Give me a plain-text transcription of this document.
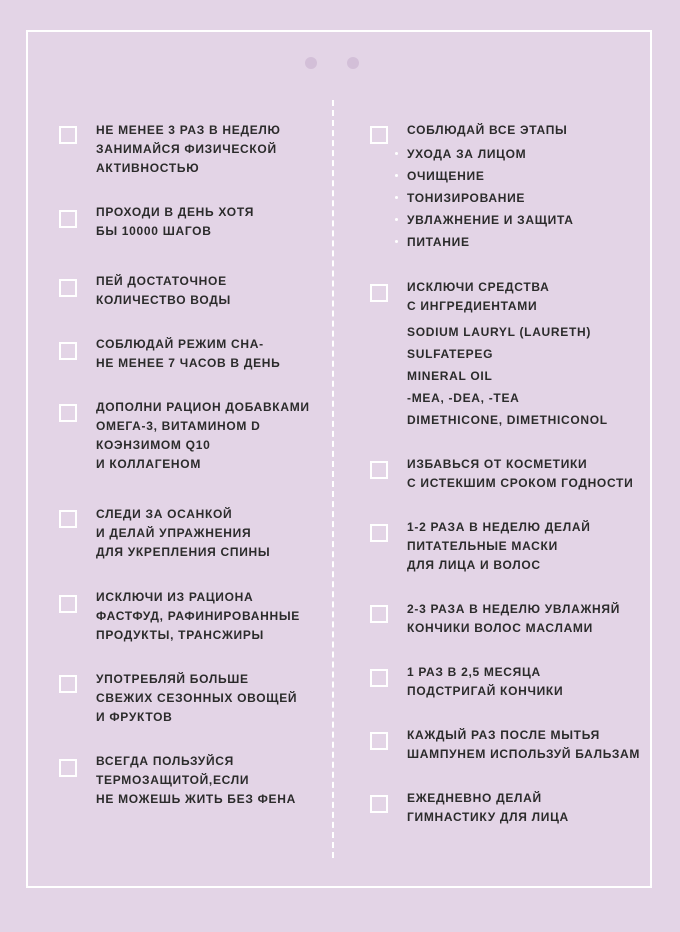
НЕ МЕНЕЕ 3 РАЗ В НЕДЕЛЮ
ЗАНИМАЙСЯ ФИЗИЧЕСКОЙ
АКТИВНОСТЬЮ
ПРОХОДИ В ДЕНЬ ХОТЯ
БЫ 10000 ШАГОВ
ПЕЙ ДОСТАТОЧНОЕ
КОЛИЧЕСТВО ВОДЫ
СОБЛЮДАЙ РЕЖИМ СНА-
НЕ МЕНЕЕ 7 ЧАСОВ В ДЕНЬ
ДОПОЛНИ РАЦИОН ДОБАВКАМИ
ОМЕГА-3, ВИТАМИНОМ D
КОЭНЗИМОМ Q10
И КОЛЛАГЕНОМ
СЛЕДИ ЗА ОСАНКОЙ
И ДЕЛАЙ УПРАЖНЕНИЯ
ДЛЯ УКРЕПЛЕНИЯ СПИНЫ
ИСКЛЮЧИ ИЗ РАЦИОНА
ФАСТФУД, РАФИНИРОВАННЫЕ
ПРОДУКТЫ, ТРАНСЖИРЫ
УПОТРЕБЛЯЙ БОЛЬШЕ
СВЕЖИХ СЕЗОННЫХ ОВОЩЕЙ
И ФРУКТОВ
ВСЕГДА ПОЛЬЗУЙСЯ
ТЕРМОЗАЩИТОЙ,ЕСЛИ
НЕ МОЖЕШЬ ЖИТЬ БЕЗ ФЕНА
СОБЛЮДАЙ ВСЕ ЭТАПЫ
УХОДА ЗА ЛИЦОМ
ОЧИЩЕНИЕ
ТОНИЗИРОВАНИЕ
УВЛАЖНЕНИЕ И ЗАЩИТА
ПИТАНИЕ
ИСКЛЮЧИ СРЕДСТВА
С ИНГРЕДИЕНТАМИ
SODIUM LAURYL (LAURETH)
SULFATEPEG
MINERAL OIL
-MEA, -DEA, -TEA
DIMETHICONE, DIMETHICONOL
ИЗБАВЬСЯ ОТ КОСМЕТИКИ
С ИСТЕКШИМ СРОКОМ ГОДНОСТИ
1-2 РАЗА В НЕДЕЛЮ ДЕЛАЙ
ПИТАТЕЛЬНЫЕ МАСКИ
ДЛЯ ЛИЦА И ВОЛОС
2-3 РАЗА В НЕДЕЛЮ УВЛАЖНЯЙ
КОНЧИКИ ВОЛОС МАСЛАМИ
1 РАЗ В 2,5 МЕСЯЦА
ПОДСТРИГАЙ КОНЧИКИ
КАЖДЫЙ РАЗ ПОСЛЕ МЫТЬЯ
ШАМПУНЕМ ИСПОЛЬЗУЙ БАЛЬЗАМ
ЕЖЕДНЕВНО ДЕЛАЙ
ГИМНАСТИКУ ДЛЯ ЛИЦА
